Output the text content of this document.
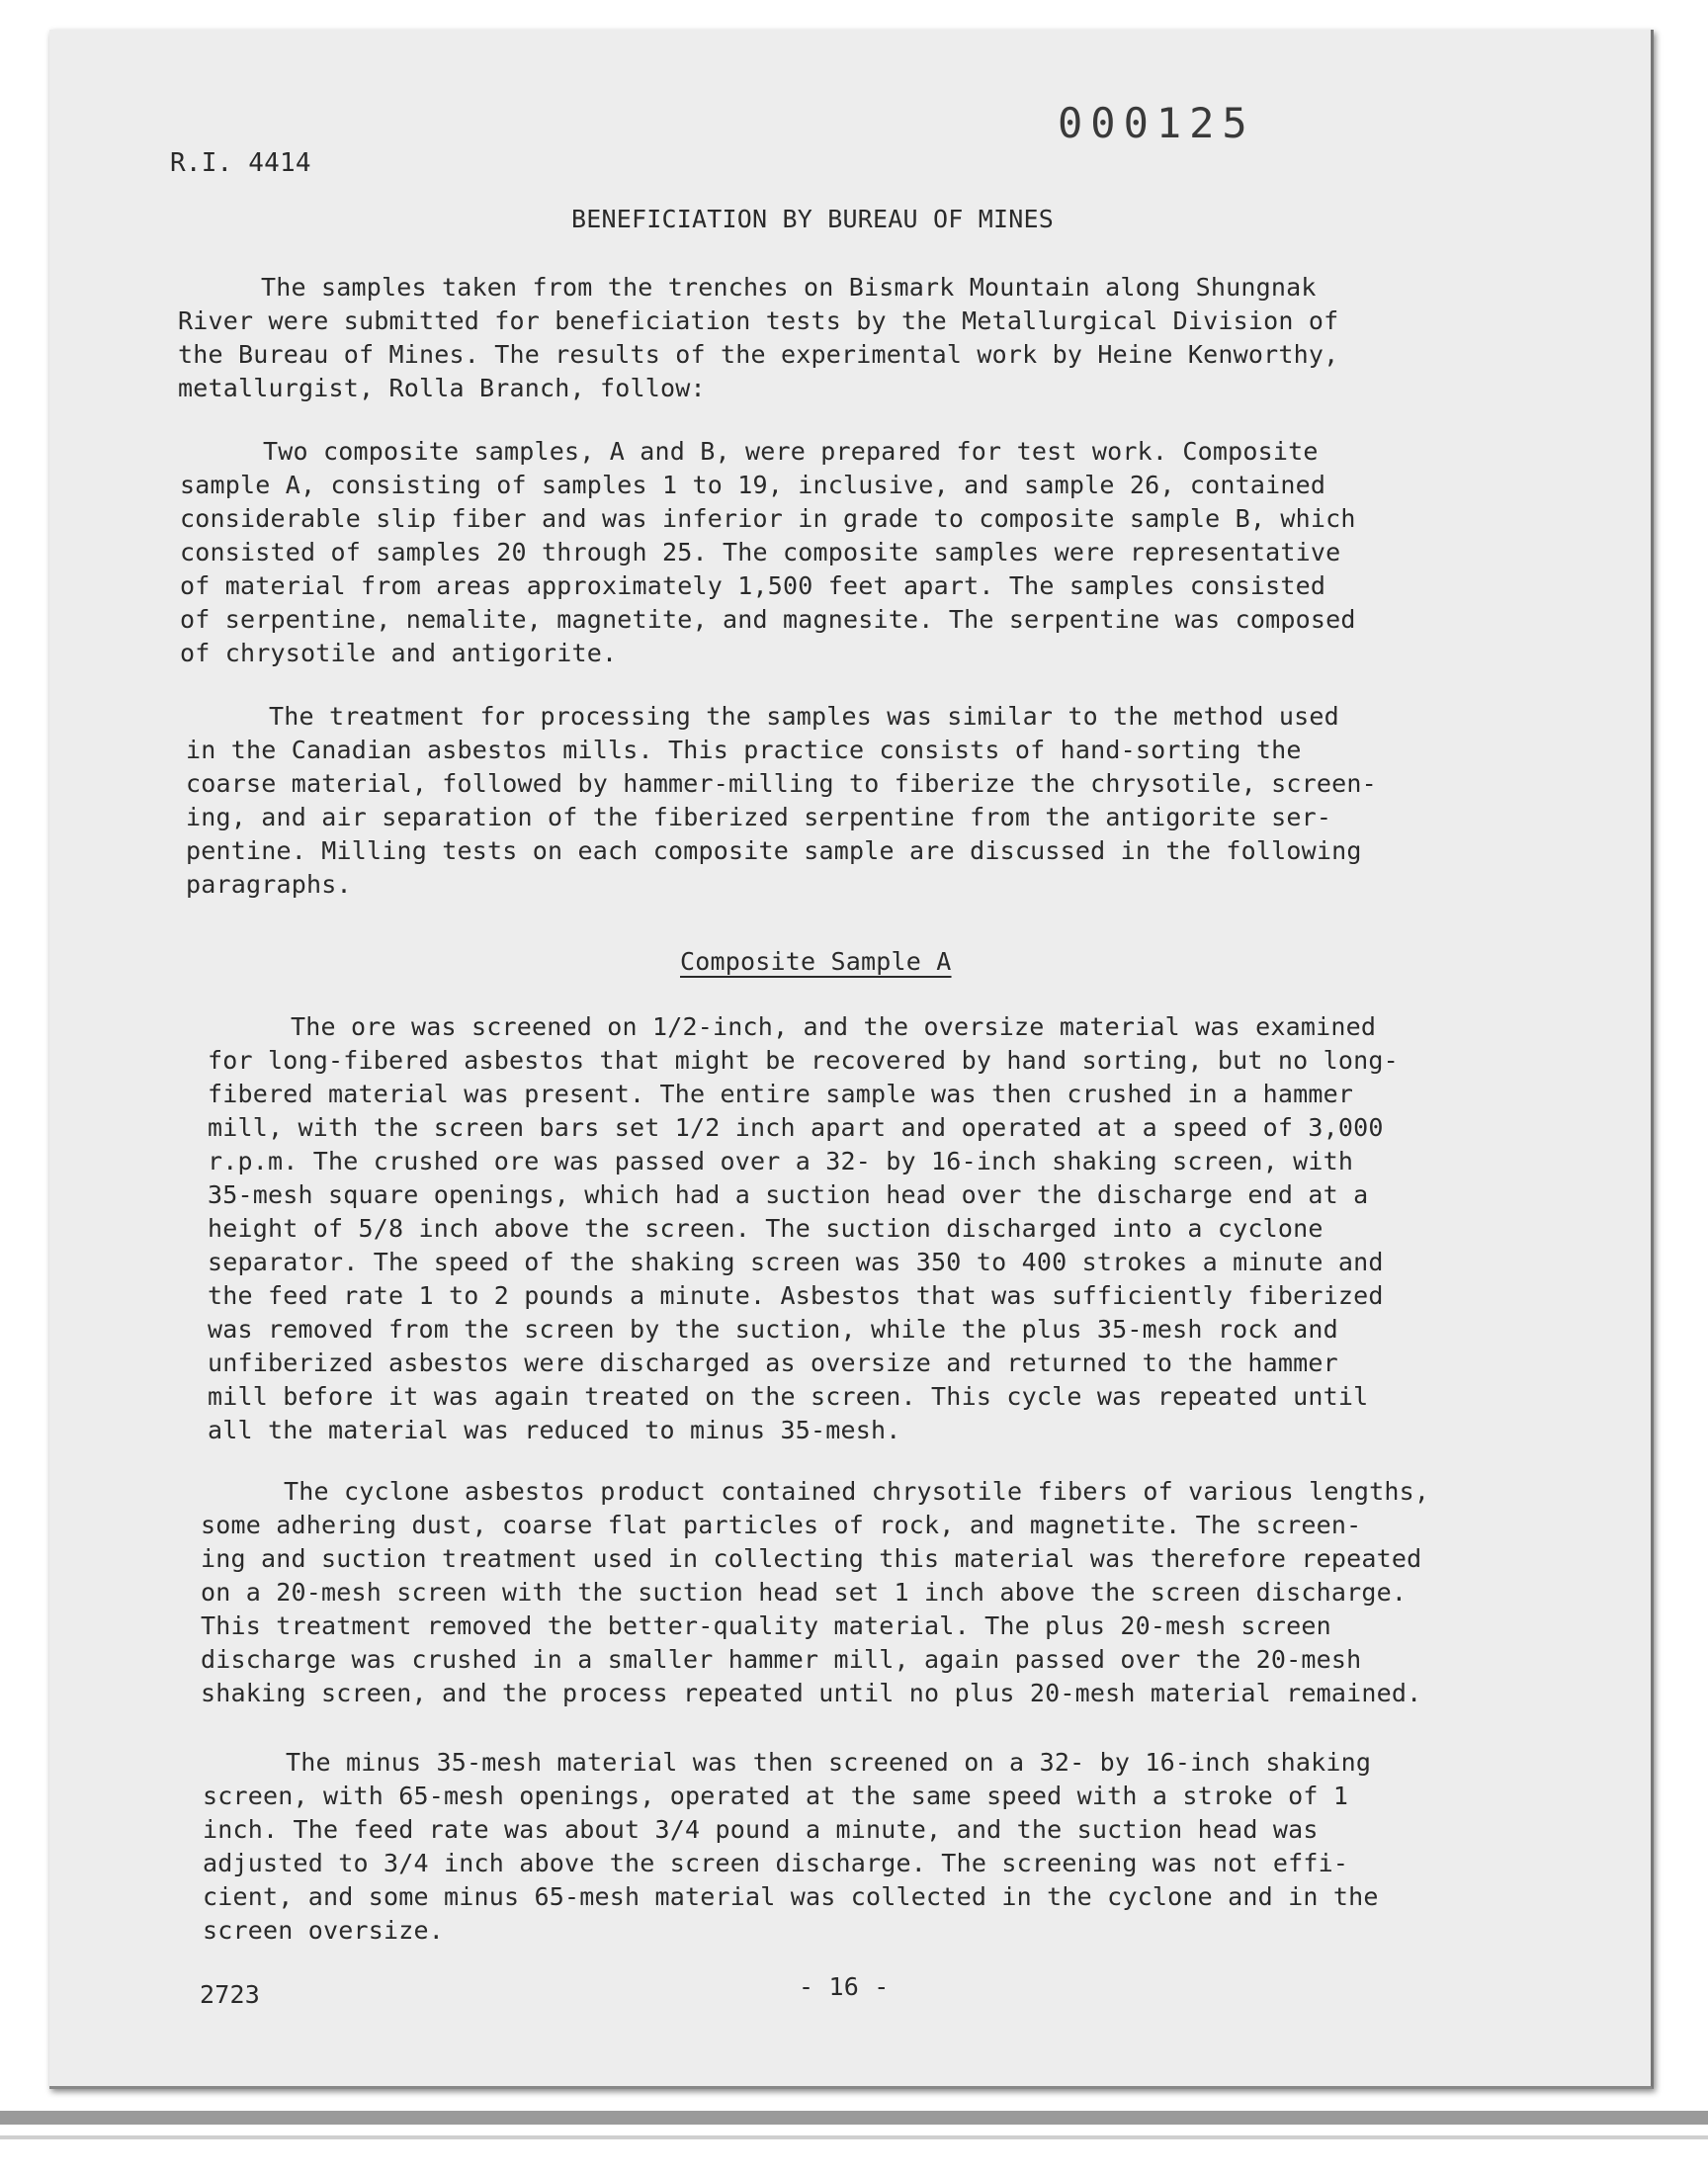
000125
R.I. 4414
BENEFICIATION BY BUREAU OF MINES
The samples taken from the trenches on Bismark Mountain along Shungnak
River were submitted for beneficiation tests by the Metallurgical Division of
the Bureau of Mines. The results of the experimental work by Heine Kenworthy,
metallurgist, Rolla Branch, follow:
Two composite samples, A and B, were prepared for test work. Composite
sample A, consisting of samples 1 to 19, inclusive, and sample 26, contained
considerable slip fiber and was inferior in grade to composite sample B, which
consisted of samples 20 through 25. The composite samples were representative
of material from areas approximately 1,500 feet apart. The samples consisted
of serpentine, nemalite, magnetite, and magnesite. The serpentine was composed
of chrysotile and antigorite.
The treatment for processing the samples was similar to the method used
in the Canadian asbestos mills. This practice consists of hand-sorting the
coarse material, followed by hammer-milling to fiberize the chrysotile, screen-
ing, and air separation of the fiberized serpentine from the antigorite ser-
pentine. Milling tests on each composite sample are discussed in the following
paragraphs.
Composite Sample A
The ore was screened on 1/2-inch, and the oversize material was examined
for long-fibered asbestos that might be recovered by hand sorting, but no long-
fibered material was present. The entire sample was then crushed in a hammer
mill, with the screen bars set 1/2 inch apart and operated at a speed of 3,000
r.p.m. The crushed ore was passed over a 32- by 16-inch shaking screen, with
35-mesh square openings, which had a suction head over the discharge end at a
height of 5/8 inch above the screen. The suction discharged into a cyclone
separator. The speed of the shaking screen was 350 to 400 strokes a minute and
the feed rate 1 to 2 pounds a minute. Asbestos that was sufficiently fiberized
was removed from the screen by the suction, while the plus 35-mesh rock and
unfiberized asbestos were discharged as oversize and returned to the hammer
mill before it was again treated on the screen. This cycle was repeated until
all the material was reduced to minus 35-mesh.
The cyclone asbestos product contained chrysotile fibers of various lengths,
some adhering dust, coarse flat particles of rock, and magnetite. The screen-
ing and suction treatment used in collecting this material was therefore repeated
on a 20-mesh screen with the suction head set 1 inch above the screen discharge.
This treatment removed the better-quality material. The plus 20-mesh screen
discharge was crushed in a smaller hammer mill, again passed over the 20-mesh
shaking screen, and the process repeated until no plus 20-mesh material remained.
The minus 35-mesh material was then screened on a 32- by 16-inch shaking
screen, with 65-mesh openings, operated at the same speed with a stroke of 1
inch. The feed rate was about 3/4 pound a minute, and the suction head was
adjusted to 3/4 inch above the screen discharge. The screening was not effi-
cient, and some minus 65-mesh material was collected in the cyclone and in the
screen oversize.
2723	- 16 -
